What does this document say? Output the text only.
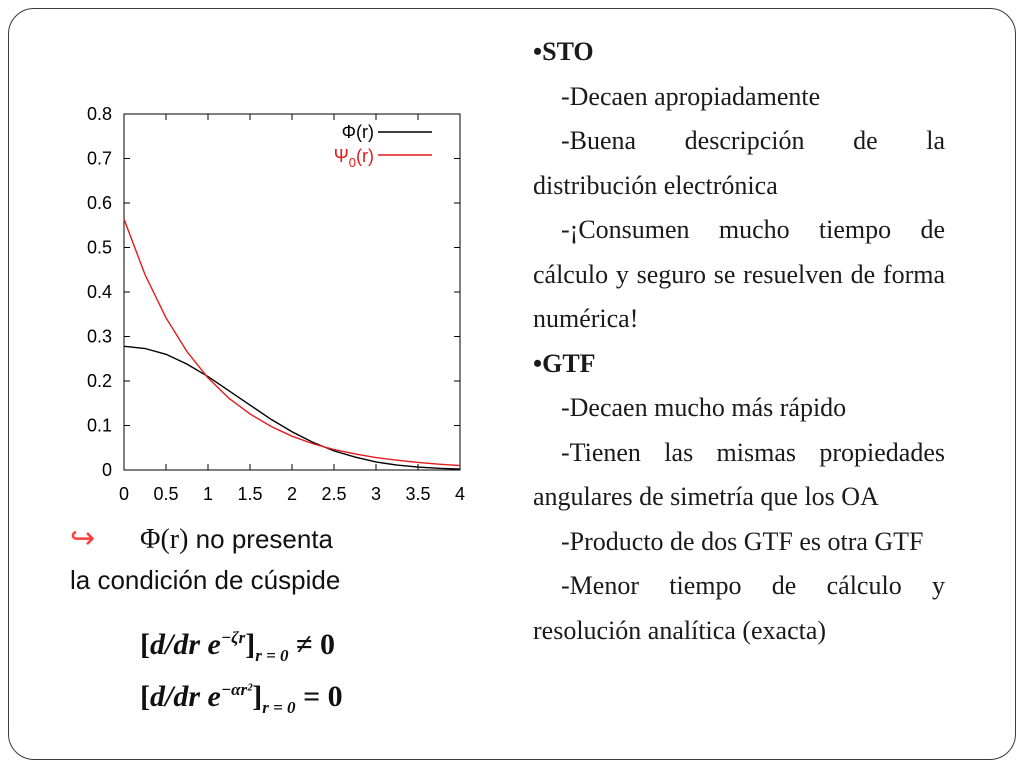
0
0.1
0.2
0.3
0.4
0.5
0.6
0.7
0.8
0 0.5 1 1.5 2 2.5 3 3.5 4
Φ(r)
$\Psi_0(r)$
↪ Φ(r) no presenta
la condición de cúspide
[d/dr $e^{-\zeta r}]_{r = 0} \ne 0$
[d/dr $e^{-\alpha r^2}]_{r = 0} = 0$

•STO

-Decaen apropiadamente

-Buena descripción de la distribución electrónica

-¡Consumen mucho tiempo de cálculo y seguro se resuelven de forma numérica!

•GTF

-Decaen mucho más rápido

-Tienen las mismas propiedades angulares de simetría que los OA

-Producto de dos GTF es otra GTF

-Menor tiempo de cálculo y resolución analítica (exacta)
